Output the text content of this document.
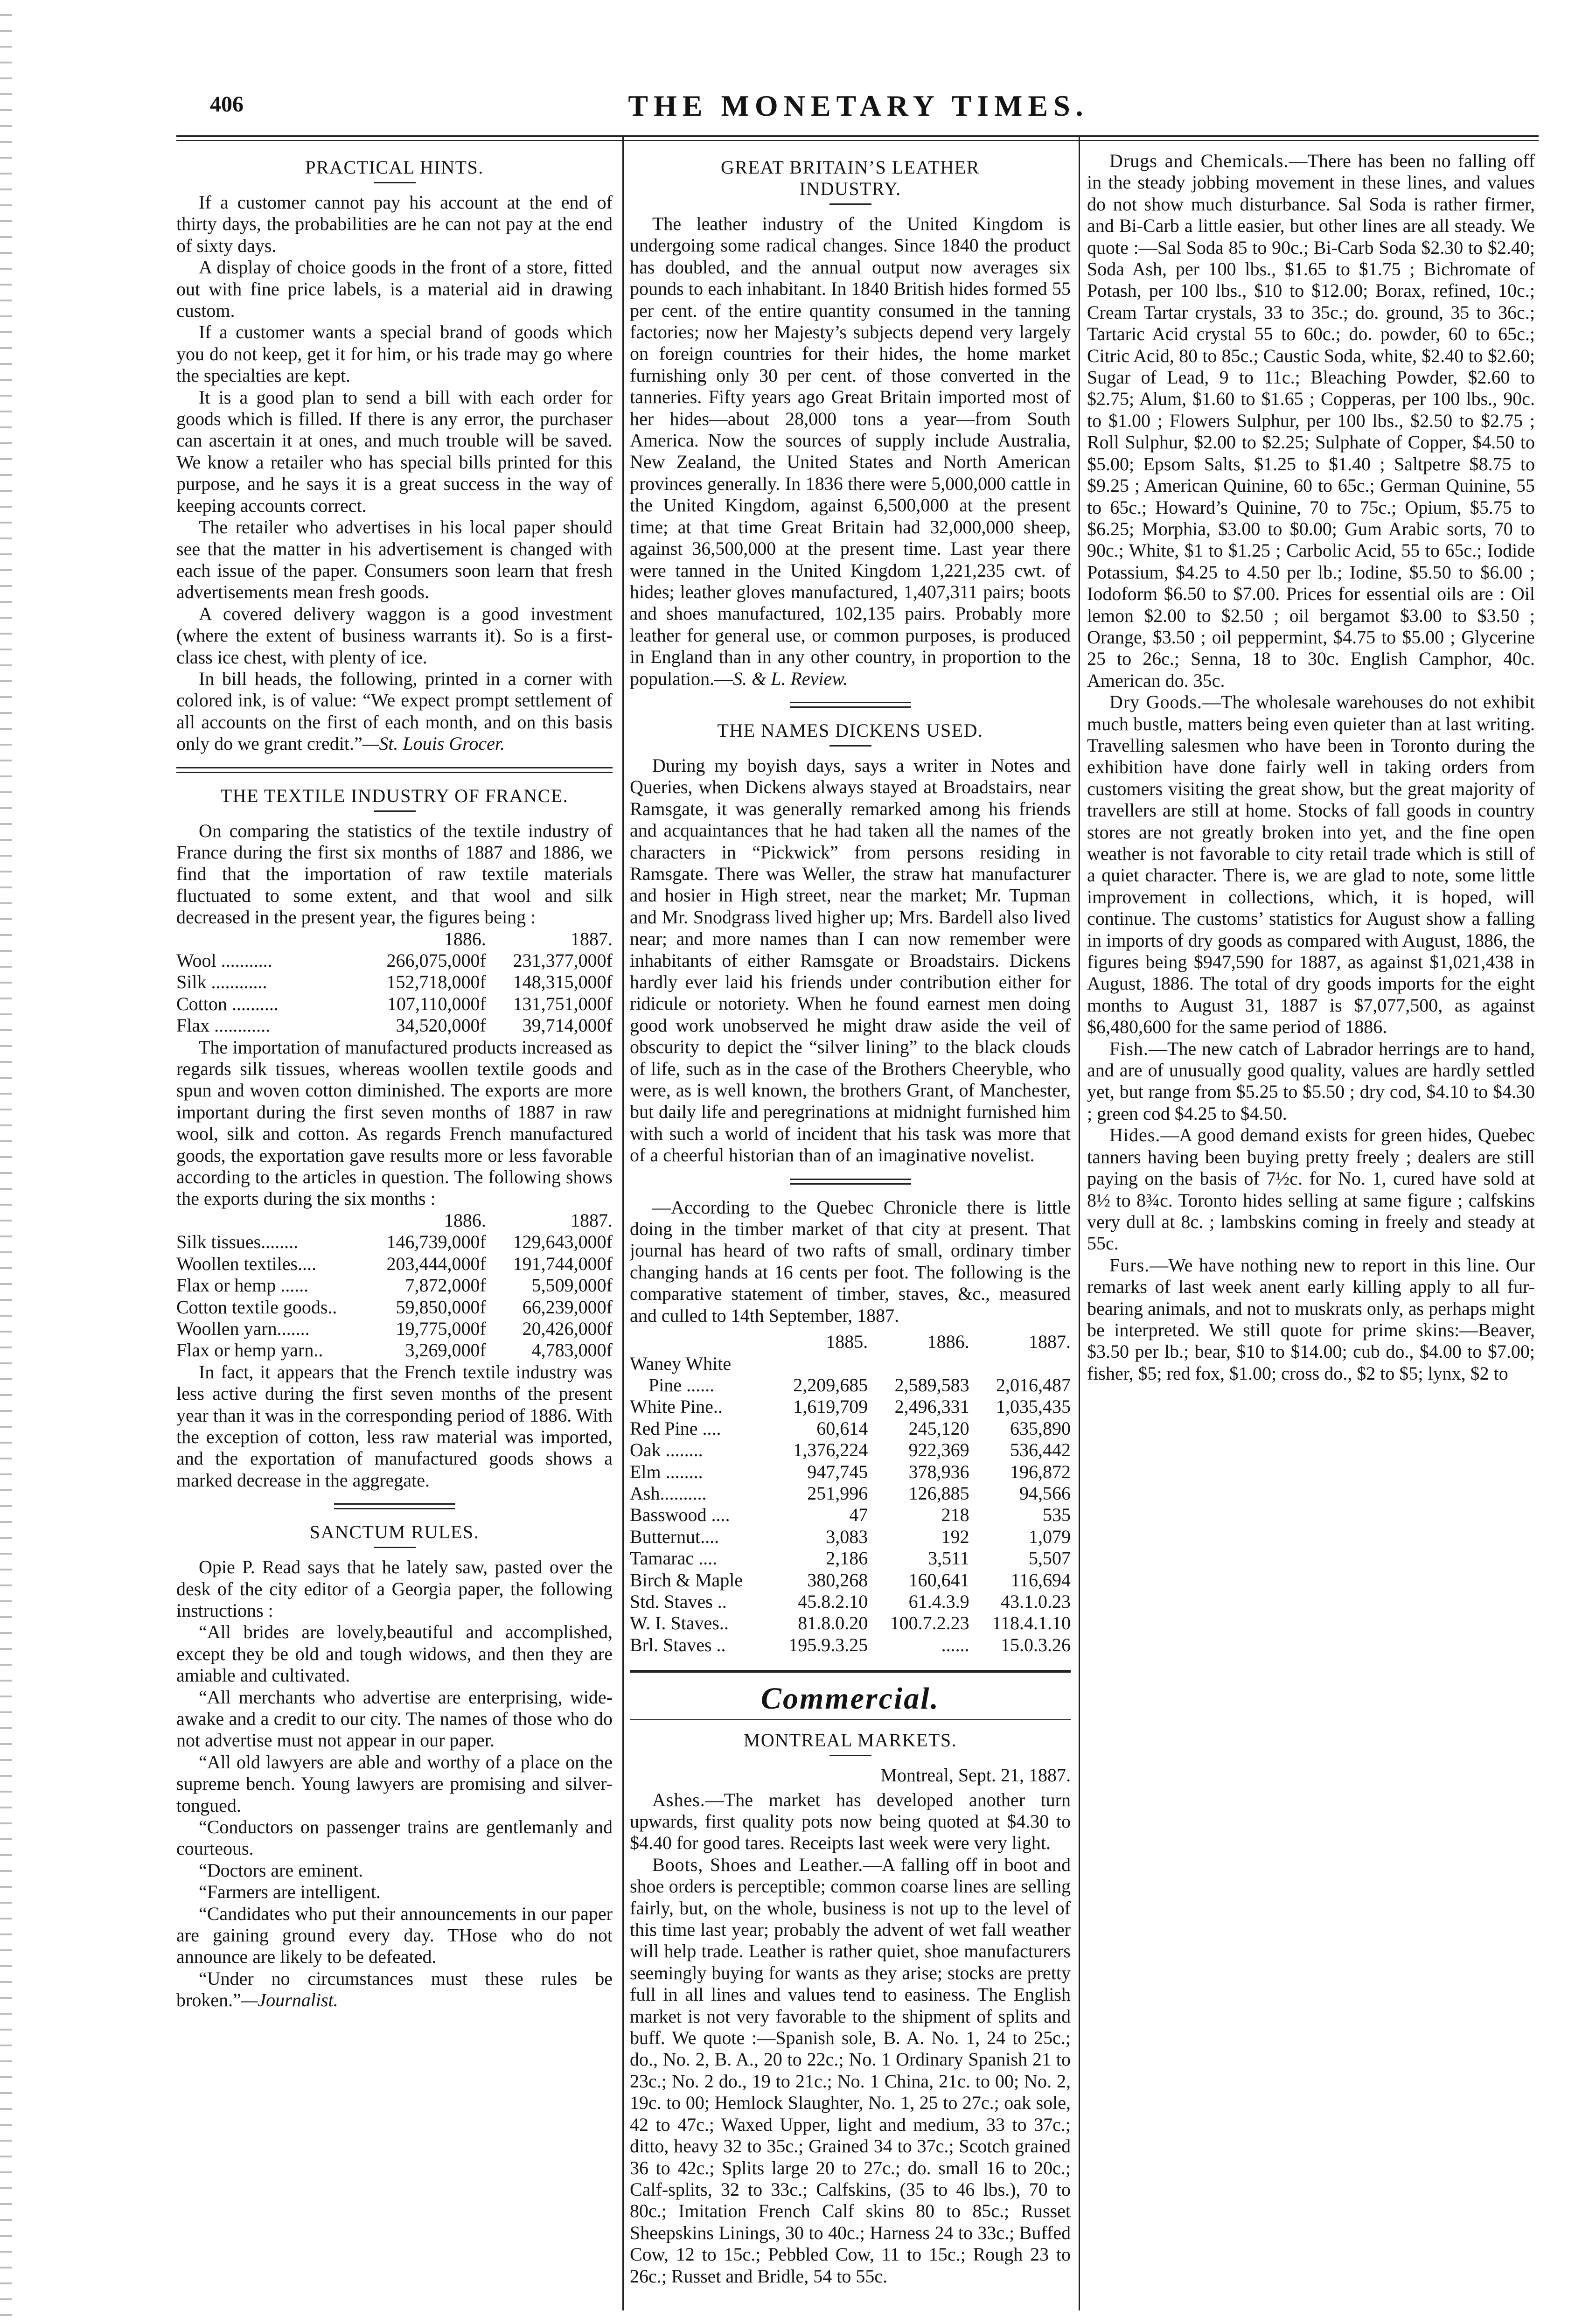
406	THE MONETARY TIMES.
PRACTICAL HINTS.

If a customer cannot pay his account at the end of thirty days, the probabilities are he can not pay at the end of sixty days.

A display of choice goods in the front of a store, fitted out with fine price labels, is a material aid in drawing custom.

If a customer wants a special brand of goods which you do not keep, get it for him, or his trade may go where the specialties are kept.

It is a good plan to send a bill with each order for goods which is filled. If there is any error, the purchaser can ascertain it at ones, and much trouble will be saved. We know a retailer who has special bills printed for this purpose, and he says it is a great success in the way of keeping accounts correct.

The retailer who advertises in his local paper should see that the matter in his advertisement is changed with each issue of the paper. Consumers soon learn that fresh advertisements mean fresh goods.

A covered delivery waggon is a good investment (where the extent of business warrants it). So is a first-class ice chest, with plenty of ice.

In bill heads, the following, printed in a corner with colored ink, is of value: “We expect prompt settlement of all accounts on the first of each month, and on this basis only do we grant credit.”—St. Louis Grocer.

THE TEXTILE INDUSTRY OF FRANCE.

On comparing the statistics of the textile industry of France during the first six months of 1887 and 1886, we find that the importation of raw textile materials fluctuated to some extent, and that wool and silk decreased in the present year, the figures being :

	1886.	1887.
Wool ...........	266,075,000f	231,377,000f
Silk ............	152,718,000f	148,315,000f
Cotton ..........	107,110,000f	131,751,000f
Flax ............	34,520,000f	39,714,000f

The importation of manufactured products increased as regards silk tissues, whereas woollen textile goods and spun and woven cotton diminished. The exports are more important during the first seven months of 1887 in raw wool, silk and cotton. As regards French manufactured goods, the exportation gave results more or less favorable according to the articles in question. The following shows the exports during the six months :

	1886.	1887.
Silk tissues........	146,739,000f	129,643,000f
Woollen textiles....	203,444,000f	191,744,000f
Flax or hemp ......	7,872,000f	5,509,000f
Cotton textile goods..	59,850,000f	66,239,000f
Woollen yarn.......	19,775,000f	20,426,000f
Flax or hemp yarn..	3,269,000f	4,783,000f

In fact, it appears that the French textile industry was less active during the first seven months of the present year than it was in the corresponding period of 1886. With the exception of cotton, less raw material was imported, and the exportation of manufactured goods shows a marked decrease in the aggregate.

SANCTUM RULES.

Opie P. Read says that he lately saw, pasted over the desk of the city editor of a Georgia paper, the following instructions :

“All brides are lovely,beautiful and accomplished, except they be old and tough widows, and then they are amiable and cultivated.

“All merchants who advertise are enterprising, wide-awake and a credit to our city. The names of those who do not advertise must not appear in our paper.

“All old lawyers are able and worthy of a place on the supreme bench. Young lawyers are promising and silver-tongued.

“Conductors on passenger trains are gentlemanly and courteous.

“Doctors are eminent.

“Farmers are intelligent.

“Candidates who put their announcements in our paper are gaining ground every day. THose who do not announce are likely to be defeated.

“Under no circumstances must these rules be broken.”—Journalist.

GREAT BRITAIN’S LEATHER
INDUSTRY.

The leather industry of the United Kingdom is undergoing some radical changes. Since 1840 the product has doubled, and the annual output now averages six pounds to each inhabitant. In 1840 British hides formed 55 per cent. of the entire quantity consumed in the tanning factories; now her Majesty’s subjects depend very largely on foreign countries for their hides, the home market furnishing only 30 per cent. of those converted in the tanneries. Fifty years ago Great Britain imported most of her hides—about 28,000 tons a year—from South America. Now the sources of supply include Australia, New Zealand, the United States and North American provinces generally. In 1836 there were 5,000,000 cattle in the United Kingdom, against 6,500,000 at the present time; at that time Great Britain had 32,000,000 sheep, against 36,500,000 at the present time. Last year there were tanned in the United Kingdom 1,221,235 cwt. of hides; leather gloves manufactured, 1,407,311 pairs; boots and shoes manufactured, 102,135 pairs. Probably more leather for general use, or common purposes, is produced in England than in any other country, in proportion to the population.—S. & L. Review.

THE NAMES DICKENS USED.

During my boyish days, says a writer in Notes and Queries, when Dickens always stayed at Broadstairs, near Ramsgate, it was generally remarked among his friends and acquaintances that he had taken all the names of the characters in “Pickwick” from persons residing in Ramsgate. There was Weller, the straw hat manufacturer and hosier in High street, near the market; Mr. Tupman and Mr. Snodgrass lived higher up; Mrs. Bardell also lived near; and more names than I can now remember were inhabitants of either Ramsgate or Broadstairs. Dickens hardly ever laid his friends under contribution either for ridicule or notoriety. When he found earnest men doing good work unobserved he might draw aside the veil of obscurity to depict the “silver lining” to the black clouds of life, such as in the case of the Brothers Cheeryble, who were, as is well known, the brothers Grant, of Manchester, but daily life and peregrinations at midnight furnished him with such a world of incident that his task was more that of a cheerful historian than of an imaginative novelist.

—According to the Quebec Chronicle there is little doing in the timber market of that city at present. That journal has heard of two rafts of small, ordinary timber changing hands at 16 cents per foot. The following is the comparative statement of timber, staves, &c., measured and culled to 14th September, 1887.

	1885.	1886.	1887.
Waney White			
Pine ......	2,209,685	2,589,583	2,016,487
White Pine..	1,619,709	2,496,331	1,035,435
Red Pine ....	60,614	245,120	635,890
Oak ........	1,376,224	922,369	536,442
Elm ........	947,745	378,936	196,872
Ash..........	251,996	126,885	94,566
Basswood ....	47	218	535
Butternut....	3,083	192	1,079
Tamarac ....	2,186	3,511	5,507
Birch & Maple	380,268	160,641	116,694
Std. Staves ..	45.8.2.10	61.4.3.9	43.1.0.23
W. I. Staves..	81.8.0.20	100.7.2.23	118.4.1.10
Brl. Staves ..	195.9.3.25	......	15.0.3.26
Commercial.
MONTREAL MARKETS.
Montreal, Sept. 21, 1887.

Ashes.—The market has developed another turn upwards, first quality pots now being quoted at $4.30 to $4.40 for good tares. Receipts last week were very light.

Boots, Shoes and Leather.—A falling off in boot and shoe orders is perceptible; common coarse lines are selling fairly, but, on the whole, business is not up to the level of this time last year; probably the advent of wet fall weather will help trade. Leather is rather quiet, shoe manufacturers seemingly buying for wants as they arise; stocks are pretty full in all lines and values tend to easiness. The English market is not very favorable to the shipment of splits and buff. We quote :—Spanish sole, B. A. No. 1, 24 to 25c.; do., No. 2, B. A., 20 to 22c.; No. 1 Ordinary Spanish 21 to 23c.; No. 2 do., 19 to 21c.; No. 1 China, 21c. to 00; No. 2, 19c. to 00; Hemlock Slaughter, No. 1, 25 to 27c.; oak sole, 42 to 47c.; Waxed Upper, light and medium, 33 to 37c.; ditto, heavy 32 to 35c.; Grained 34 to 37c.; Scotch grained 36 to 42c.; Splits large 20 to 27c.; do. small 16 to 20c.; Calf-splits, 32 to 33c.; Calfskins, (35 to 46 lbs.), 70 to 80c.; Imitation French Calf skins 80 to 85c.; Russet Sheepskins Linings, 30 to 40c.; Harness 24 to 33c.; Buffed Cow, 12 to 15c.; Pebbled Cow, 11 to 15c.; Rough 23 to 26c.; Russet and Bridle, 54 to 55c.

Drugs and Chemicals.—There has been no falling off in the steady jobbing movement in these lines, and values do not show much disturbance. Sal Soda is rather firmer, and Bi-Carb a little easier, but other lines are all steady. We quote :—Sal Soda 85 to 90c.; Bi-Carb Soda $2.30 to $2.40; Soda Ash, per 100 lbs., $1.65 to $1.75 ; Bichromate of Potash, per 100 lbs., $10 to $12.00; Borax, refined, 10c.; Cream Tartar crystals, 33 to 35c.; do. ground, 35 to 36c.; Tartaric Acid crystal 55 to 60c.; do. powder, 60 to 65c.; Citric Acid, 80 to 85c.; Caustic Soda, white, $2.40 to $2.60; Sugar of Lead, 9 to 11c.; Bleaching Powder, $2.60 to $2.75; Alum, $1.60 to $1.65 ; Copperas, per 100 lbs., 90c. to $1.00 ; Flowers Sulphur, per 100 lbs., $2.50 to $2.75 ; Roll Sulphur, $2.00 to $2.25; Sulphate of Copper, $4.50 to $5.00; Epsom Salts, $1.25 to $1.40 ; Saltpetre $8.75 to $9.25 ; American Quinine, 60 to 65c.; German Quinine, 55 to 65c.; Howard’s Quinine, 70 to 75c.; Opium, $5.75 to $6.25; Morphia, $3.00 to $0.00; Gum Arabic sorts, 70 to 90c.; White, $1 to $1.25 ; Carbolic Acid, 55 to 65c.; Iodide Potassium, $4.25 to 4.50 per lb.; Iodine, $5.50 to $6.00 ; Iodoform $6.50 to $7.00. Prices for essential oils are : Oil lemon $2.00 to $2.50 ; oil bergamot $3.00 to $3.50 ; Orange, $3.50 ; oil peppermint, $4.75 to $5.00 ; Glycerine 25 to 26c.; Senna, 18 to 30c. English Camphor, 40c. American do. 35c.

Dry Goods.—The wholesale warehouses do not exhibit much bustle, matters being even quieter than at last writing. Travelling salesmen who have been in Toronto during the exhibition have done fairly well in taking orders from customers visiting the great show, but the great majority of travellers are still at home. Stocks of fall goods in country stores are not greatly broken into yet, and the fine open weather is not favorable to city retail trade which is still of a quiet character. There is, we are glad to note, some little improvement in collections, which, it is hoped, will continue. The customs’ statistics for August show a falling in imports of dry goods as compared with August, 1886, the figures being $947,590 for 1887, as against $1,021,438 in August, 1886. The total of dry goods imports for the eight months to August 31, 1887 is $7,077,500, as against $6,480,600 for the same period of 1886.

Fish.—The new catch of Labrador herrings are to hand, and are of unusually good quality, values are hardly settled yet, but range from $5.25 to $5.50 ; dry cod, $4.10 to $4.30 ; green cod $4.25 to $4.50.

Hides.—A good demand exists for green hides, Quebec tanners having been buying pretty freely ; dealers are still paying on the basis of 7½c. for No. 1, cured have sold at 8½ to 8¾c. Toronto hides selling at same figure ; calfskins very dull at 8c. ; lambskins coming in freely and steady at 55c.

Furs.—We have nothing new to report in this line. Our remarks of last week anent early killing apply to all fur-bearing animals, and not to muskrats only, as perhaps might be interpreted. We still quote for prime skins:—Beaver, $3.50 per lb.; bear, $10 to $14.00; cub do., $4.00 to $7.00; fisher, $5; red fox, $1.00; cross do., $2 to $5; lynx, $2 to
